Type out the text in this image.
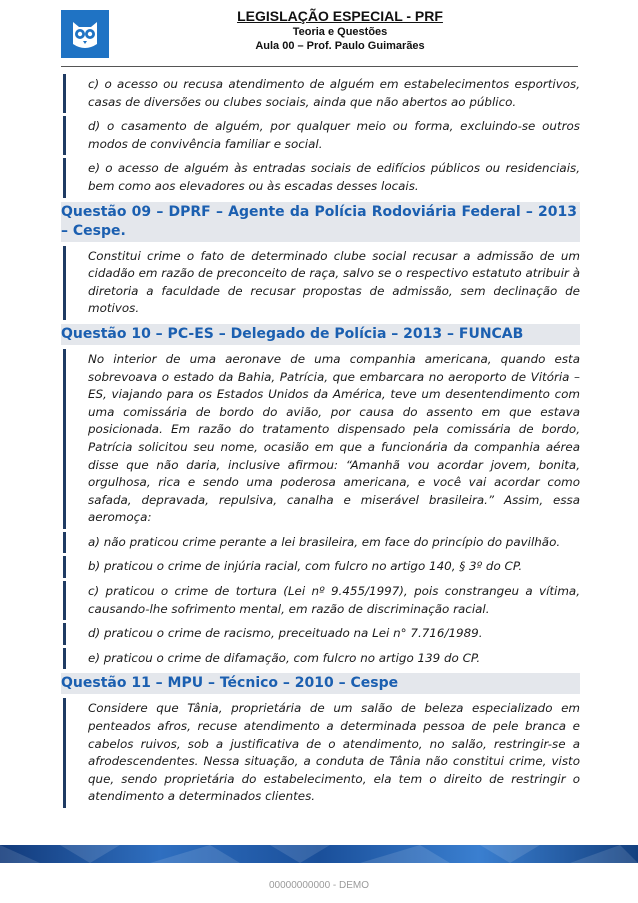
LEGISLAÇÃO ESPECIAL - PRF
Teoria e Questões
Aula 00 – Prof. Paulo Guimarães
c) o acesso ou recusa atendimento de alguém em estabelecimentos esportivos, casas de diversões ou clubes sociais, ainda que não abertos ao público.
d) o casamento de alguém, por qualquer meio ou forma, excluindo-se outros modos de convivência familiar e social.
e) o acesso de alguém às entradas sociais de edifícios públicos ou residenciais, bem como aos elevadores ou às escadas desses locais.
Questão 09 – DPRF – Agente da Polícia Rodoviária Federal – 2013 – Cespe.
Constitui crime o fato de determinado clube social recusar a admissão de um cidadão em razão de preconceito de raça, salvo se o respectivo estatuto atribuir à diretoria a faculdade de recusar propostas de admissão, sem declinação de motivos.
Questão 10 – PC-ES – Delegado de Polícia – 2013 – FUNCAB
No interior de uma aeronave de uma companhia americana, quando esta sobrevoava o estado da Bahia, Patrícia, que embarcara no aeroporto de Vitória – ES, viajando para os Estados Unidos da América, teve um desentendimento com uma comissária de bordo do avião, por causa do assento em que estava posicionada. Em razão do tratamento dispensado pela comissária de bordo, Patrícia solicitou seu nome, ocasião em que a funcionária da companhia aérea disse que não daria, inclusive afirmou: “Amanhã vou acordar jovem, bonita, orgulhosa, rica e sendo uma poderosa americana, e você vai acordar como safada, depravada, repulsiva, canalha e miserável brasileira.” Assim, essa aeromoça:
a) não praticou crime perante a lei brasileira, em face do princípio do pavilhão.
b) praticou o crime de injúria racial, com fulcro no artigo 140, § 3º do CP.
c) praticou o crime de tortura (Lei nº 9.455/1997), pois constrangeu a vítima, causando-lhe sofrimento mental, em razão de discriminação racial.
d) praticou o crime de racismo, preceituado na Lei n° 7.716/1989.
e) praticou o crime de difamação, com fulcro no artigo 139 do CP.
Questão 11 – MPU – Técnico – 2010 – Cespe
Considere que Tânia, proprietária de um salão de beleza especializado em penteados afros, recuse atendimento a determinada pessoa de pele branca e cabelos ruivos, sob a justificativa de o atendimento, no salão, restringir-se a afrodescendentes. Nessa situação, a conduta de Tânia não constitui crime, visto que, sendo proprietária do estabelecimento, ela tem o direito de restringir o atendimento a determinados clientes.
00000000000 - DEMO
